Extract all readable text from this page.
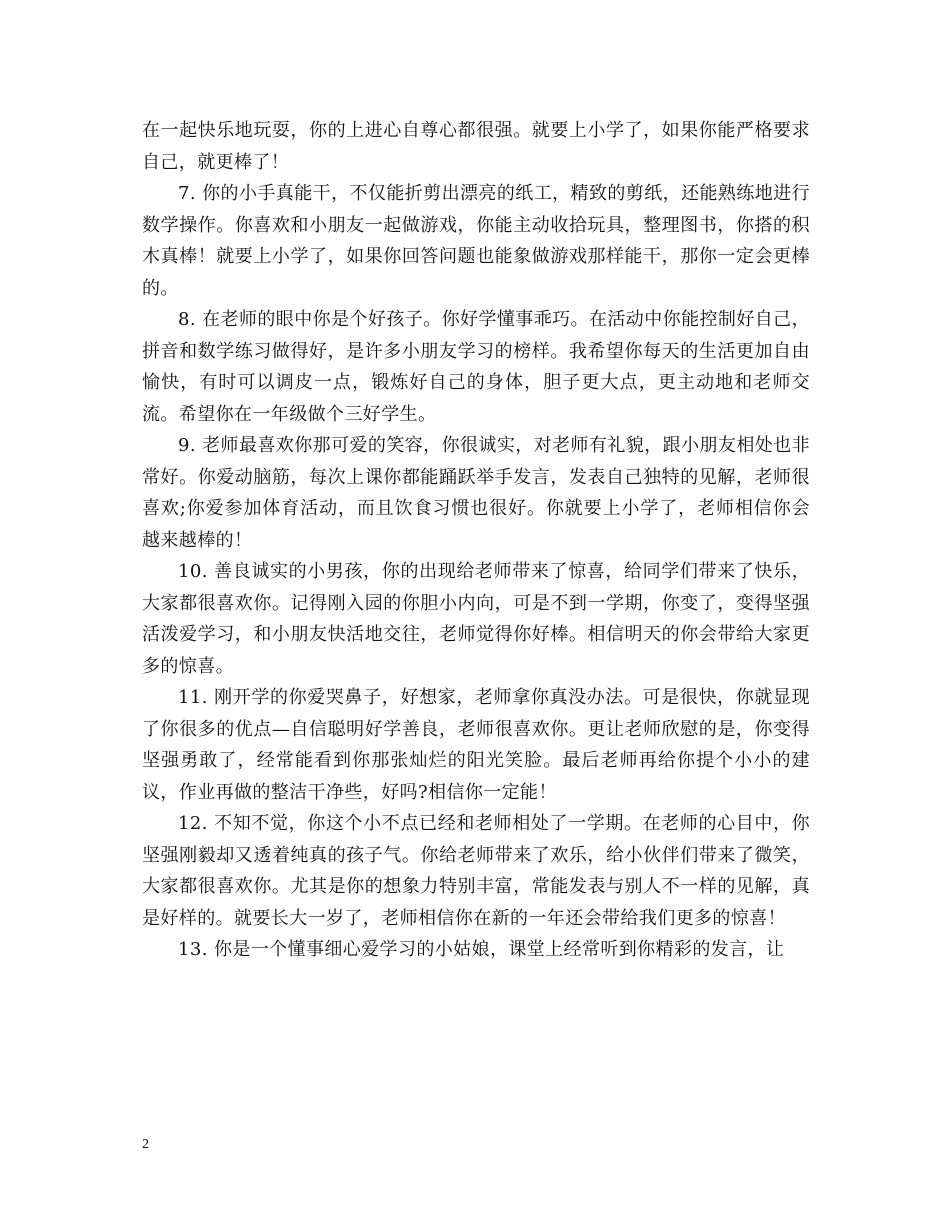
在一起快乐地玩耍，你的上进心自尊心都很强。就要上小学了，如果你能严格要求自己，就更棒了！

7. 你的小手真能干，不仅能折剪出漂亮的纸工，精致的剪纸，还能熟练地进行数学操作。你喜欢和小朋友一起做游戏，你能主动收拾玩具，整理图书，你搭的积木真棒！就要上小学了，如果你回答问题也能象做游戏那样能干，那你一定会更棒的。

8. 在老师的眼中你是个好孩子。你好学懂事乖巧。在活动中你能控制好自己，拼音和数学练习做得好，是许多小朋友学习的榜样。我希望你每天的生活更加自由愉快，有时可以调皮一点，锻炼好自己的身体，胆子更大点，更主动地和老师交流。希望你在一年级做个三好学生。

9. 老师最喜欢你那可爱的笑容，你很诚实，对老师有礼貌，跟小朋友相处也非常好。你爱动脑筋，每次上课你都能踊跃举手发言，发表自己独特的见解，老师很喜欢;你爱参加体育活动，而且饮食习惯也很好。你就要上小学了，老师相信你会越来越棒的！

10. 善良诚实的小男孩，你的出现给老师带来了惊喜，给同学们带来了快乐，大家都很喜欢你。记得刚入园的你胆小内向，可是不到一学期，你变了，变得坚强活泼爱学习，和小朋友快活地交往，老师觉得你好棒。相信明天的你会带给大家更多的惊喜。

11. 刚开学的你爱哭鼻子，好想家，老师拿你真没办法。可是很快，你就显现了你很多的优点—自信聪明好学善良，老师很喜欢你。更让老师欣慰的是，你变得坚强勇敢了，经常能看到你那张灿烂的阳光笑脸。最后老师再给你提个小小的建议，作业再做的整洁干净些，好吗?相信你一定能！

12. 不知不觉，你这个小不点已经和老师相处了一学期。在老师的心目中，你坚强刚毅却又透着纯真的孩子气。你给老师带来了欢乐，给小伙伴们带来了微笑，大家都很喜欢你。尤其是你的想象力特别丰富，常能发表与别人不一样的见解，真是好样的。就要长大一岁了，老师相信你在新的一年还会带给我们更多的惊喜！

13. 你是一个懂事细心爱学习的小姑娘，课堂上经常听到你精彩的发言，让

2
